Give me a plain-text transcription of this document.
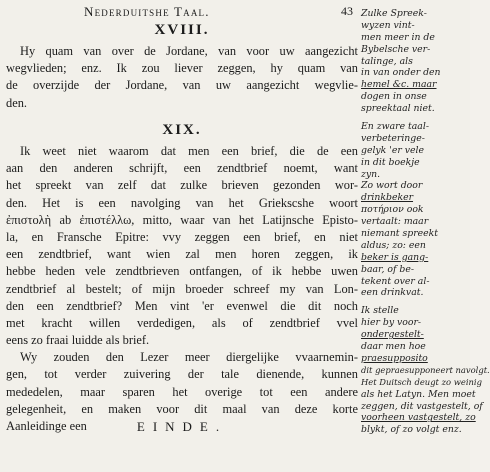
Nederduitshe Taal.	43
XVIII.
Hy quam van over de Jordane, van voor uw aangezicht
wegvlieden; enz. Ik zou liever zeggen, hy quam van
de overzijde der Jordane, van uw aangezicht wegvlie-
den.
XIX.
Ik weet niet waarom dat men een brief, die de een
aan den anderen schrijft, een zendtbrief noemt, want
het spreekt van zelf dat zulke brieven gezonden wor-
den. Het is een navolging van het Griekscshe woort
ἐπιστολὴ ab ἐπιστέλλω, mitto, waar van het Latijnsche Episto-
la, en Fransche Epitre: vvy zeggen een brief, en niet
een zendtbrief, want wien zal men horen zeggen, ik
hebbe heden vele zendtbrieven ontfangen, of ik hebbe uwen
zendtbrief al bestelt; of mijn broeder schreef my van Lon-
den een zendtbrief? Men vint 'er evenwel die dit noch
met kracht willen verdedigen, als of zendtbrief vvel
eens zo fraai luidde als brief.
Wy zouden den Lezer meer diergelijke vvaarnemin-
gen, tot verder zuivering der tale dienende, kunnen
mededelen, maar sparen het overige tot een andere
gelegenheit, en maken voor dit maal van deze korte
Aanleidinge een	EINDE.
Zulke Spreek-
wyzen vint-
men meer in de
Bybelsche ver-
talinge, als
in van onder den
hemel &c. maar
dogen in onse
spreektaal niet.
En zware taal-
verbeteringe-
gelyk 'er vele
in dit boekje
zyn.
Zo wort door
drinkbeker
ποτήριον ook
vertaalt: maar
niemant spreekt
aldus; zo: een
beker is gang-
baar, of be-
tekent over al-
een drinkvat.
Ik stelle
hier by voor-
ondergestelt-
daar men hoe
praesupposito
dit gepraesupponeert navolgt.
Het Duitsch deugt zo weinig
als het Latyn. Men moet
zeggen, dit vastgestelt, of
voorheen vastgestelt, zo
blykt, of zo volgt enz.
